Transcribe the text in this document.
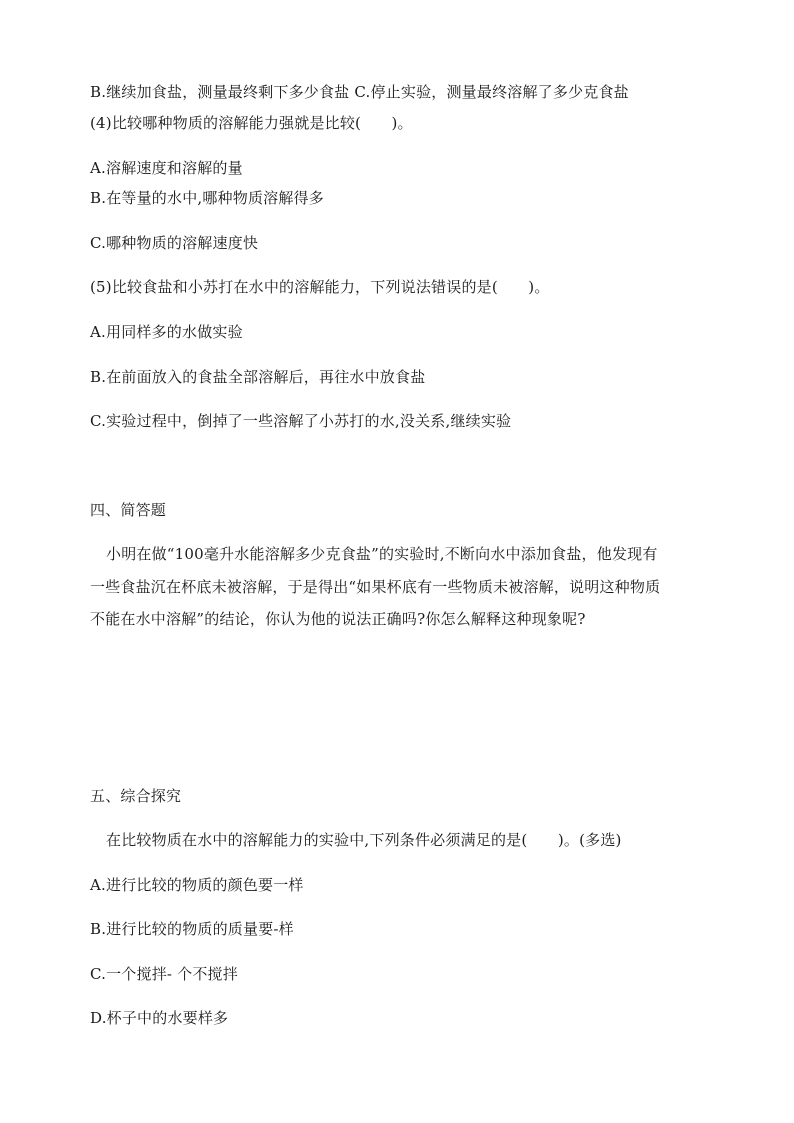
B.继续加食盐，测量最终剩下多少食盐 C.停止实验，测量最终溶解了多少克食盐
(4)比较哪种物质的溶解能力强就是比较(　　)。
A.溶解速度和溶解的量
B.在等量的水中,哪种物质溶解得多
C.哪种物质的溶解速度快
(5)比较食盐和小苏打在水中的溶解能力，下列说法错误的是(　　)。
A.用同样多的水做实验
B.在前面放入的食盐全部溶解后，再往水中放食盐
C.实验过程中，倒掉了一些溶解了小苏打的水,没关系,继续实验
四、简答题
小明在做“100毫升水能溶解多少克食盐”的实验时,不断向水中添加食盐，他发现有
一些食盐沉在杯底未被溶解，于是得出“如果杯底有一些物质未被溶解，说明这种物质
不能在水中溶解”的结论，你认为他的说法正确吗?你怎么解释这种现象呢?
五、综合探究
在比较物质在水中的溶解能力的实验中,下列条件必须满足的是(　　)。(多选)
A.进行比较的物质的颜色要一样
B.进行比较的物质的质量要-样
C.一个搅拌- 个不搅拌
D.杯子中的水要样多
